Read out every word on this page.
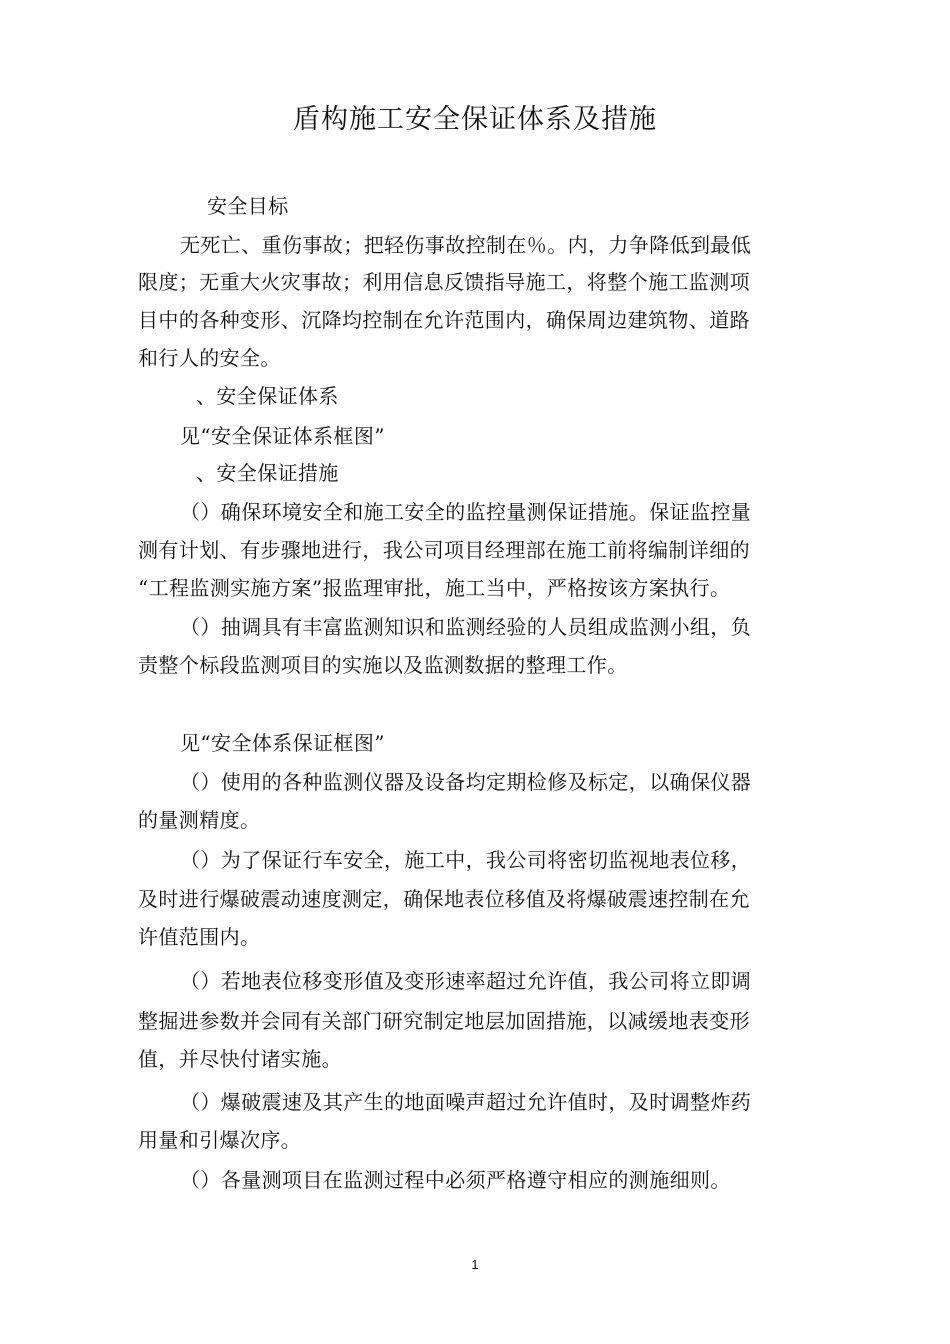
盾构施工安全保证体系及措施
安全目标
无死亡、重伤事故；把轻伤事故控制在％。内，力争降低到最低
限度；无重大火灾事故；利用信息反馈指导施工，将整个施工监测项
目中的各种变形、沉降均控制在允许范围内，确保周边建筑物、道路
和行人的安全。
、安全保证体系
见“安全保证体系框图”
、安全保证措施
（）确保环境安全和施工安全的监控量测保证措施。保证监控量
测有计划、有步骤地进行，我公司项目经理部在施工前将编制详细的
“工程监测实施方案”报监理审批，施工当中，严格按该方案执行。
（）抽调具有丰富监测知识和监测经验的人员组成监测小组，负
责整个标段监测项目的实施以及监测数据的整理工作。
见“安全体系保证框图”
（）使用的各种监测仪器及设备均定期检修及标定，以确保仪器
的量测精度。
（）为了保证行车安全，施工中，我公司将密切监视地表位移，
及时进行爆破震动速度测定，确保地表位移值及将爆破震速控制在允
许值范围内。
（）若地表位移变形值及变形速率超过允许值，我公司将立即调
整掘进参数并会同有关部门研究制定地层加固措施，以减缓地表变形
值，并尽快付诸实施。
（）爆破震速及其产生的地面噪声超过允许值时，及时调整炸药
用量和引爆次序。
（）各量测项目在监测过程中必须严格遵守相应的测施细则。
1
